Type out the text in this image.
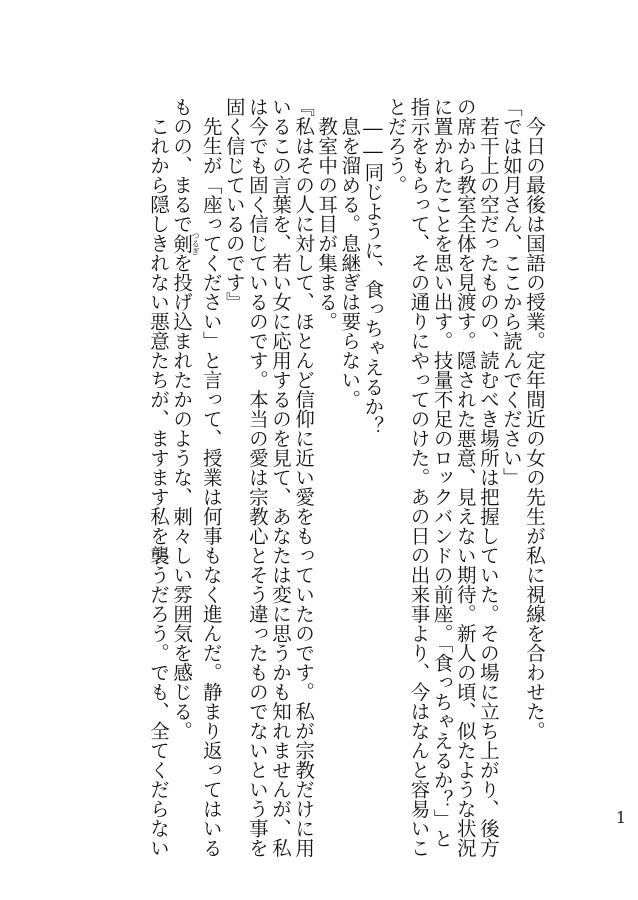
　今日の最後は国語の授業。定年間近の女の先生が私に視線を合わせた。
「では如月さん、ここから読んでください」
　若干上の空だったものの、読むべき場所は把握していた。その場に立ち上がり、後方
の席から教室全体を見渡す。隠された悪意、見えない期待。新人の頃、似たような状況
に置かれたことを思い出す。技量不足のロックバンドの前座。「食っちゃえるか？」と
指示をもらって、その通りにやってのけた。あの日の出来事より、今はなんと容易いこ
とだろう。
　――同じように、食っちゃえるか？
　息を溜める。息継ぎは要らない。
　教室中の耳目が集まる。
『私はその人に対して、ほとんど信仰に近い愛をもっていたのです。私が宗教だけに用
いるこの言葉を、若い女に応用するのを見て、あなたは変に思うかも知れませんが、私
は今でも固く信じているのです。本当の愛は宗教心とそう違ったものでないという事を
固く信じているのです』
　先生が「座ってください」と言って、授業は何事もなく進んだ。静まり返ってはいる
ものの、まるで剣つるぎを投げ込まれたかのような、刺々しい雰囲気を感じる。
　これから隠しきれない悪意たちが、ますます私を襲うだろう。でも、全てくだらない	1
